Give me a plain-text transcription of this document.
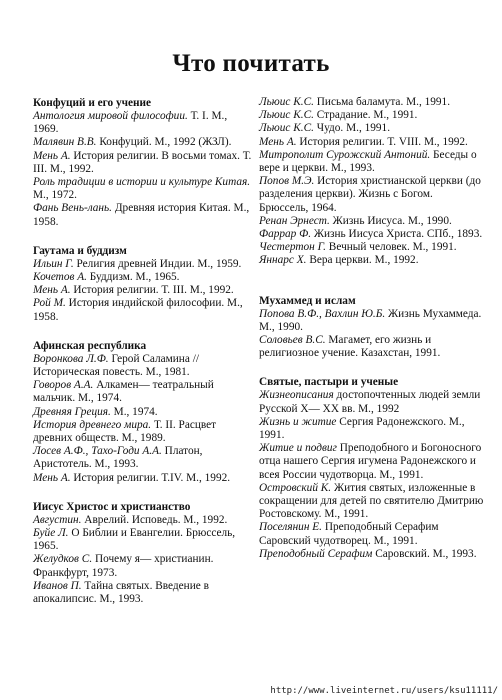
Что почитать
Конфуций и его учение
Антология мировой философии. Т. I. М., 1969.
Малявин В.В. Конфуций. М., 1992 (ЖЗЛ).
Мень А. История религии. В восьми томах. Т. III. М., 1992.
Роль традиции в истории и культуре Китая. М., 1972.
Фань Вень-лань. Древняя история Китая. М., 1958.
Гаутама и буддизм
Ильин Г. Религия древней Индии. М., 1959.
Кочетов А. Буддизм. М., 1965.
Мень А. История религии. Т. III. М., 1992.
Рой М. История индийской философии. М., 1958.
Афинская республика
Воронкова Л.Ф. Герой Саламина // Историческая повесть. М., 1981.
Говоров А.А. Алкамен— театральный мальчик. М., 1974.
Древняя Греция. М., 1974.
История древнего мира. Т. II. Расцвет древних обществ. М., 1989.
Лосев А.Ф., Тахо-Годи А.А. Платон, Аристотель. М., 1993.
Мень А. История религии. Т.IV. М., 1992.
Иисус Христос и христианство
Августин. Аврелий. Исповедь. М., 1992.
Буйе Л. О Библии и Евангелии. Брюссель, 1965.
Желудков С. Почему я— христианин. Франкфурт, 1973.
Иванов П. Тайна святых. Введение в апокалипсис. М., 1993.
Льюис К.С. Письма баламута. М., 1991.
Льюис К.С. Страдание. М., 1991.
Льюис К.С. Чудо. М., 1991.
Мень А. История религии. Т. VIII. М., 1992.
Митрополит Сурожский Антоний. Беседы о вере и церкви. М., 1993.
Попов М.Э. История христианской церкви (до разделения церкви). Жизнь с Богом. Брюссель, 1964.
Ренан Эрнест. Жизнь Иисуса. М., 1990.
Фаррар Ф. Жизнь Иисуса Христа. СПб., 1893.
Честертон Г. Вечный человек. М., 1991.
Яннарс Х. Вера церкви. М., 1992.
Мухаммед и ислам
Попова В.Ф., Вахлин Ю.Б. Жизнь Мухаммеда. М., 1990.
Соловьев В.С. Магамет, его жизнь и религиозное учение. Казахстан, 1991.
Святые, пастыри и ученые
Жизнеописания достопочтенных людей земли Русской X— XX вв. М., 1992
Жизнь и житие Сергия Радонежского. М., 1991.
Житие и подвиг Преподобного и Богоносного отца нашего Сергия игумена Радонежского и всея России чудотворца. М., 1991.
Островский К. Жития святых, изложенные в сокращении для детей по святителю Дмитрию Ростовскому. М., 1991.
Поселянин Е. Преподобный Серафим Саровский чудотворец. М., 1991.
Преподобный Серафим Саровский. М., 1993.
http://www.liveinternet.ru/users/ksu11111/
